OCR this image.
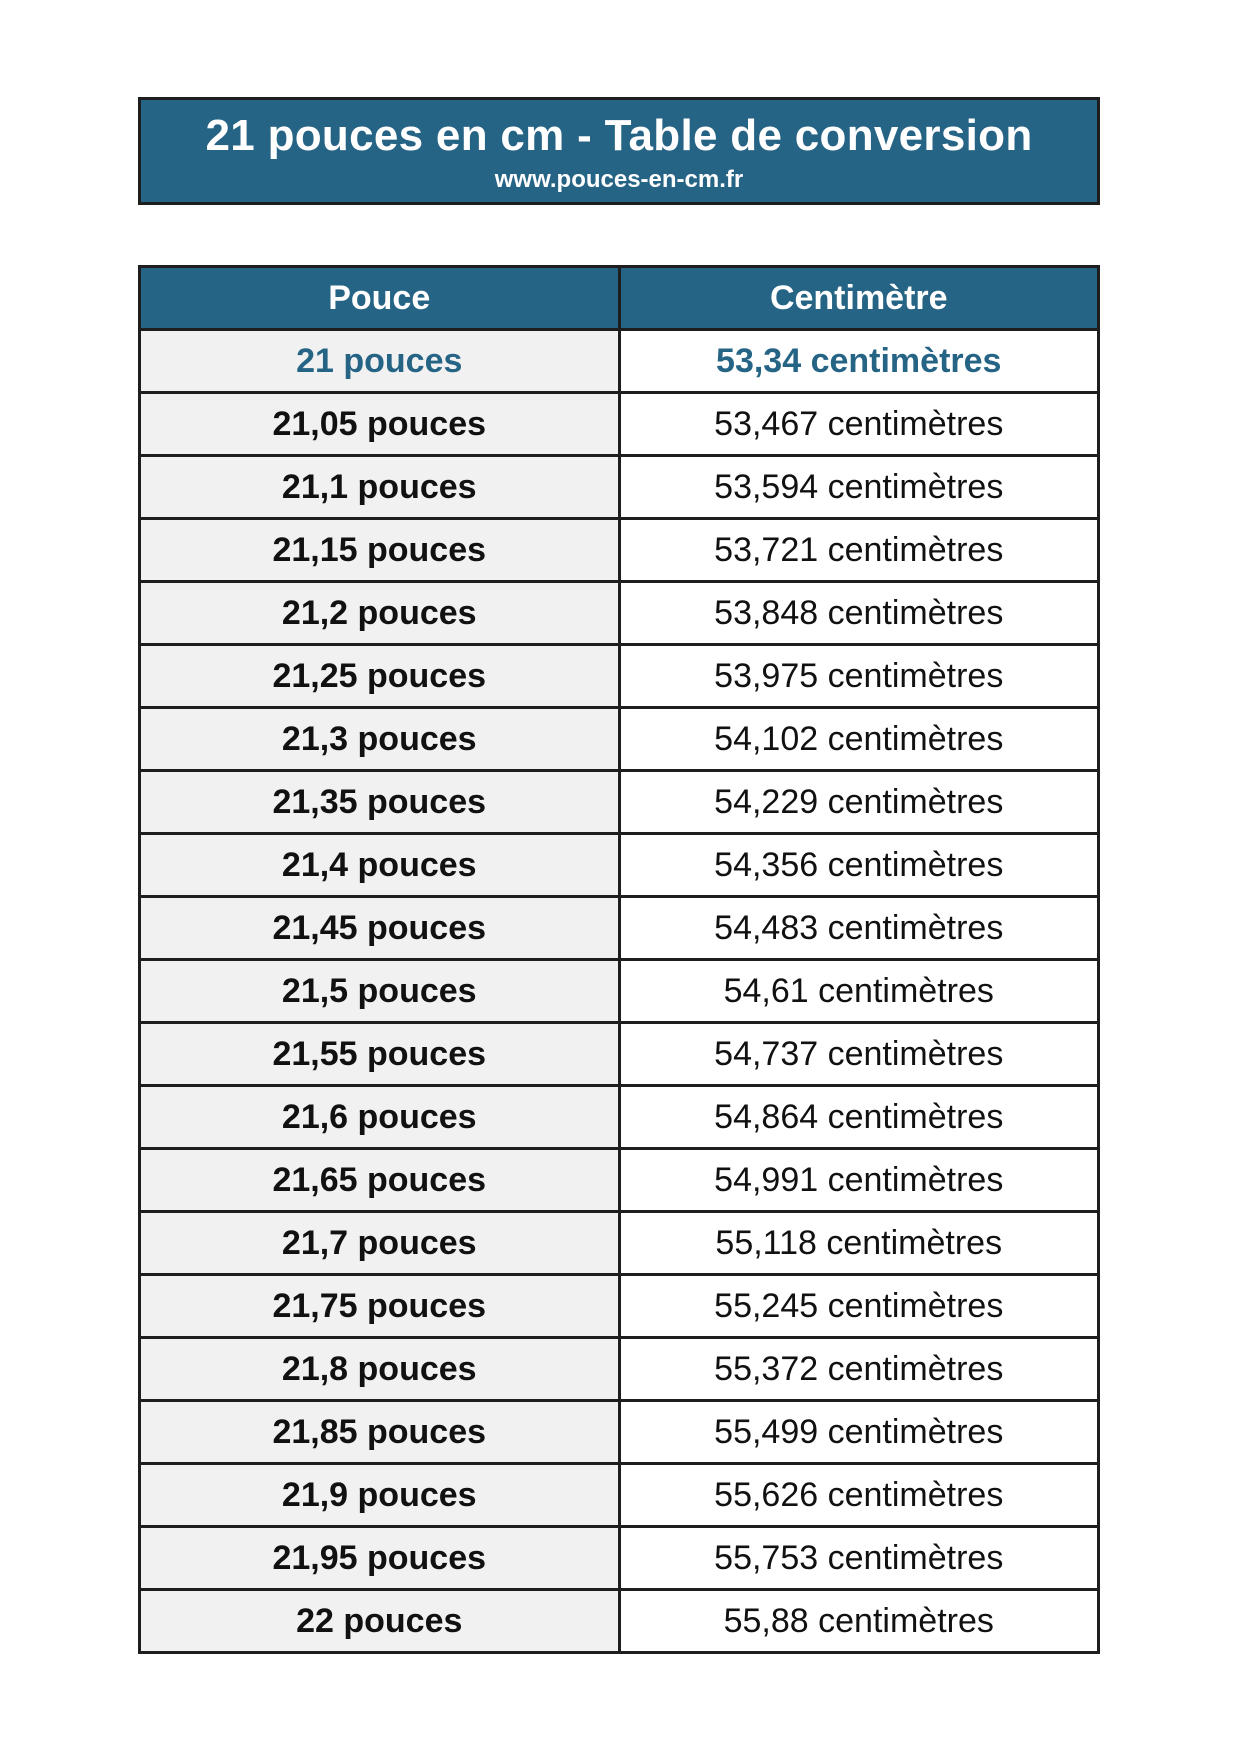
21 pouces en cm - Table de conversion
www.pouces-en-cm.fr
Pouce	Centimètre
21 pouces	53,34 centimètres
21,05 pouces	53,467 centimètres
21,1 pouces	53,594 centimètres
21,15 pouces	53,721 centimètres
21,2 pouces	53,848 centimètres
21,25 pouces	53,975 centimètres
21,3 pouces	54,102 centimètres
21,35 pouces	54,229 centimètres
21,4 pouces	54,356 centimètres
21,45 pouces	54,483 centimètres
21,5 pouces	54,61 centimètres
21,55 pouces	54,737 centimètres
21,6 pouces	54,864 centimètres
21,65 pouces	54,991 centimètres
21,7 pouces	55,118 centimètres
21,75 pouces	55,245 centimètres
21,8 pouces	55,372 centimètres
21,85 pouces	55,499 centimètres
21,9 pouces	55,626 centimètres
21,95 pouces	55,753 centimètres
22 pouces	55,88 centimètres
